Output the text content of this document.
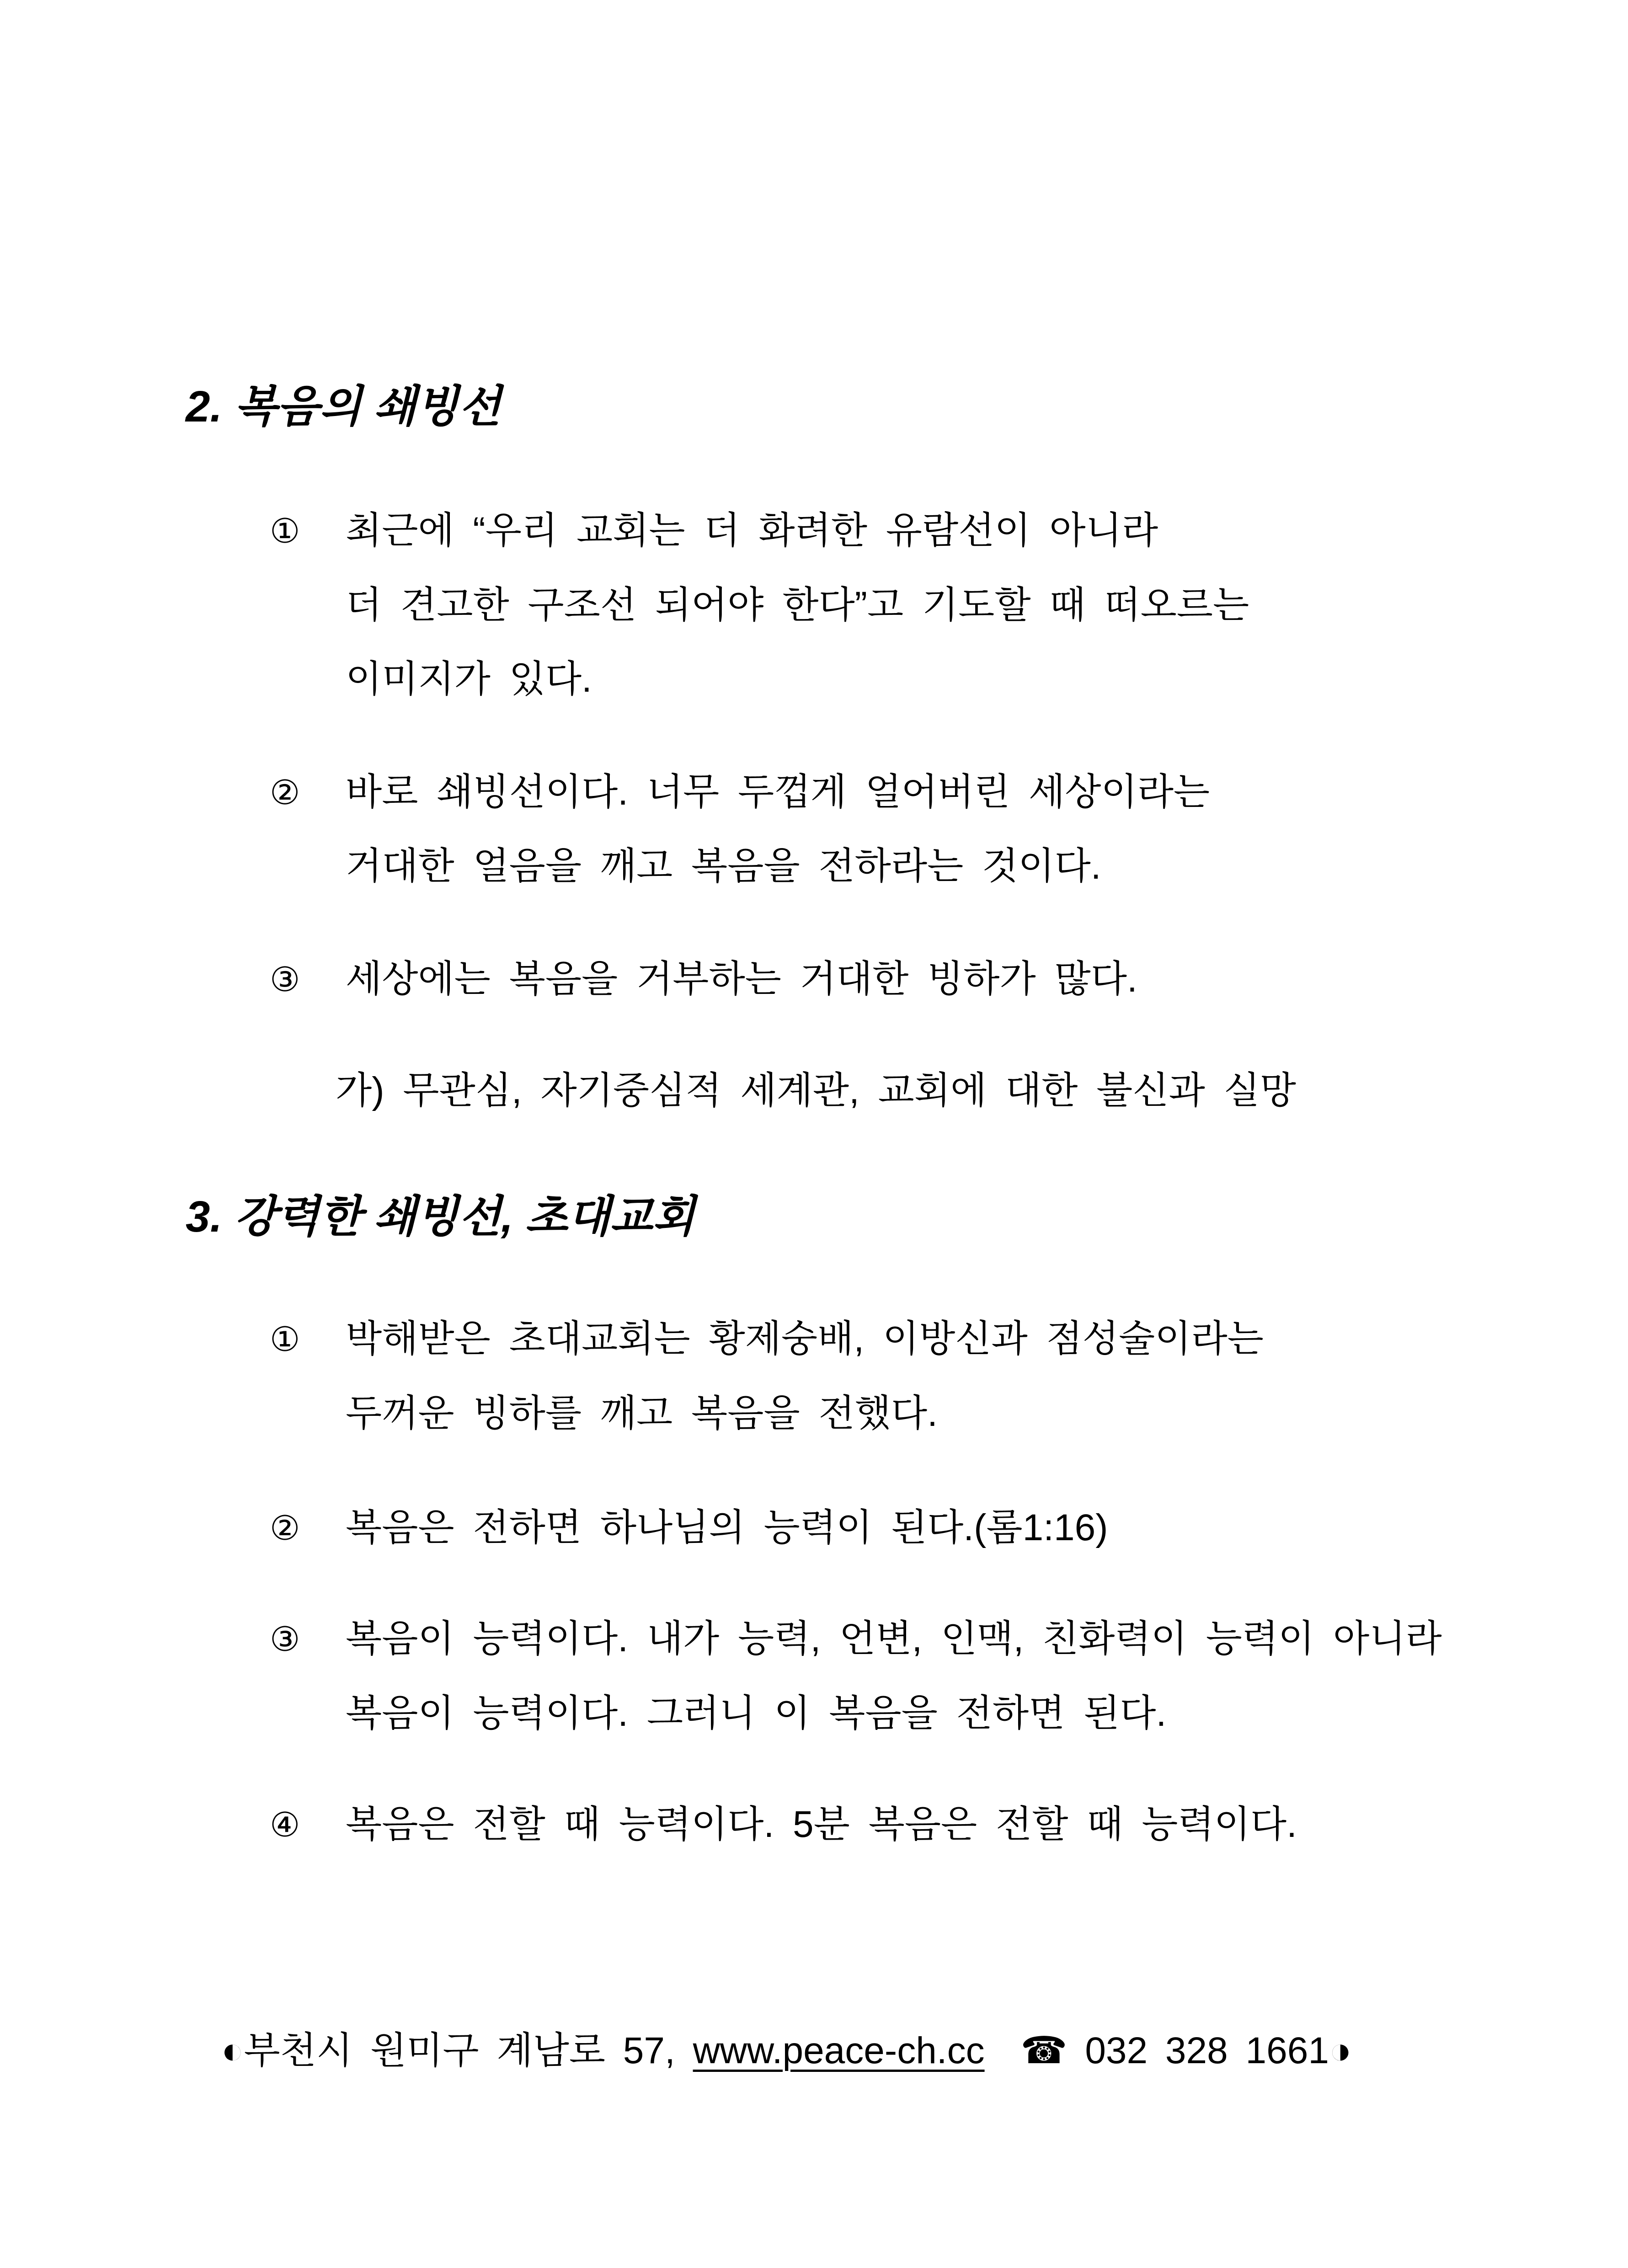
2. 복음의 쇄빙선
① 최근에 “우리 교회는 더 화려한 유람선이 아니라
더 견고한 구조선 되어야 한다”고 기도할 때 떠오르는
이미지가 있다.
② 바로 쇄빙선이다. 너무 두껍게 얼어버린 세상이라는
거대한 얼음을 깨고 복음을 전하라는 것이다.
③ 세상에는 복음을 거부하는 거대한 빙하가 많다.
가) 무관심, 자기중심적 세계관, 교회에 대한 불신과 실망
3. 강력한 쇄빙선, 초대교회
① 박해받은 초대교회는 황제숭배, 이방신과 점성술이라는
두꺼운 빙하를 깨고 복음을 전했다.
② 복음은 전하면 하나님의 능력이 된다.(롬1:16)
③ 복음이 능력이다. 내가 능력, 언변, 인맥, 친화력이 능력이 아니라
복음이 능력이다. 그러니 이 복음을 전하면 된다.
④ 복음은 전할 때 능력이다. 5분 복음은 전할 때 능력이다.
◐부천시 원미구 계남로 57, www.peace-ch.cc ☎ 032 328 1661◑
